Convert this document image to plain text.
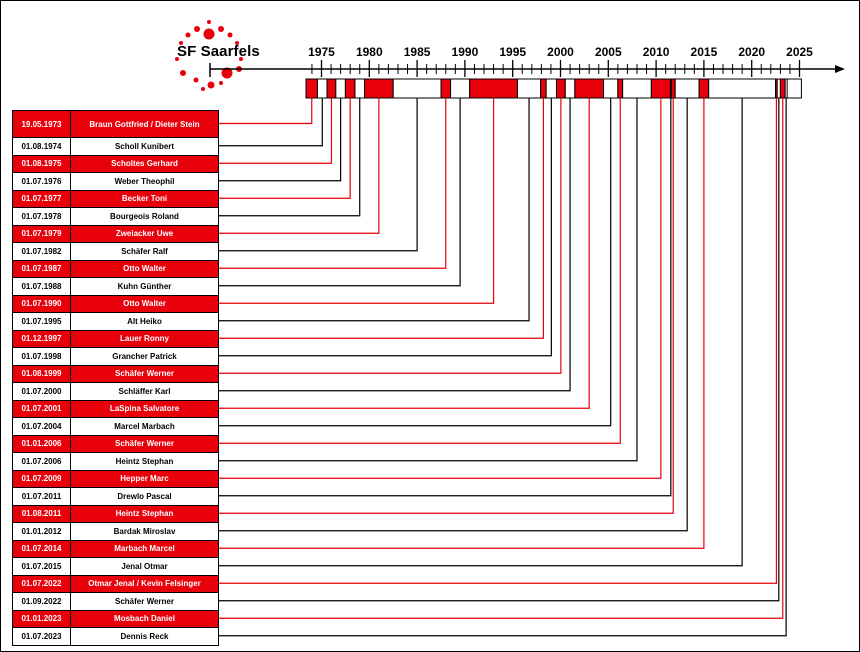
SF Saarfels	1975 1980 1985 1990 1995 2000 2005 2010 2015 2020 2025
19.05.1973	Braun Gottfried / Dieter Stein
01.08.1974	Scholl Kunibert
01.08.1975	Scholtes Gerhard
01.07.1976	Weber Theophil
01.07.1977	Becker Toni
01.07.1978	Bourgeois Roland
01.07.1979	Zweiacker Uwe
01.07.1982	Schäfer Ralf
01.07.1987	Otto Walter
01.07.1988	Kuhn Günther
01.07.1990	Otto Walter
01.07.1995	Alt Heiko
01.12.1997	Lauer Ronny
01.07.1998	Grancher Patrick
01.08.1999	Schäfer Werner
01.07.2000	Schläffer Karl
01.07.2001	LaSpina Salvatore
01.07.2004	Marcel Marbach
01.01.2006	Schäfer Werner
01.07.2006	Heintz Stephan
01.07.2009	Hepper Marc
01.07.2011	Drewlo Pascal
01.08.2011	Heintz Stephan
01.01.2012	Bardak Miroslav
01.07.2014	Marbach Marcel
01.07.2015	Jenal Otmar
01.07.2022	Otmar Jenal / Kevin Felsinger
01.09.2022	Schäfer Werner
01.01.2023	Mosbach Daniel
01.07.2023	Dennis Reck
